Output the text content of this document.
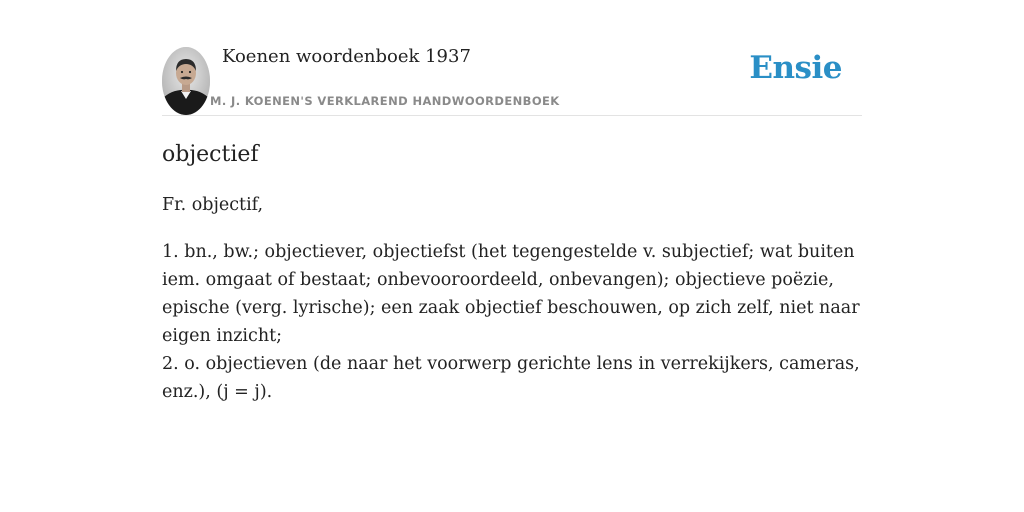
Koenen woordenboek 1937
M. J. KOENEN'S VERKLAREND HANDWOORDENBOEK
Ensie
objectief

Fr. objectif,

1. bn., bw.; objectiever, objectiefst (het tegengestelde v. subjectief; wat buiten iem. omgaat of bestaat; onbevooroordeeld, onbevangen); objectieve poëzie, epische (verg. lyrische); een zaak objectief beschouwen, op zich zelf, niet naar eigen inzicht;

2. o. objectieven (de naar het voorwerp gerichte lens in verrekijkers, cameras, enz.), (j = j).
